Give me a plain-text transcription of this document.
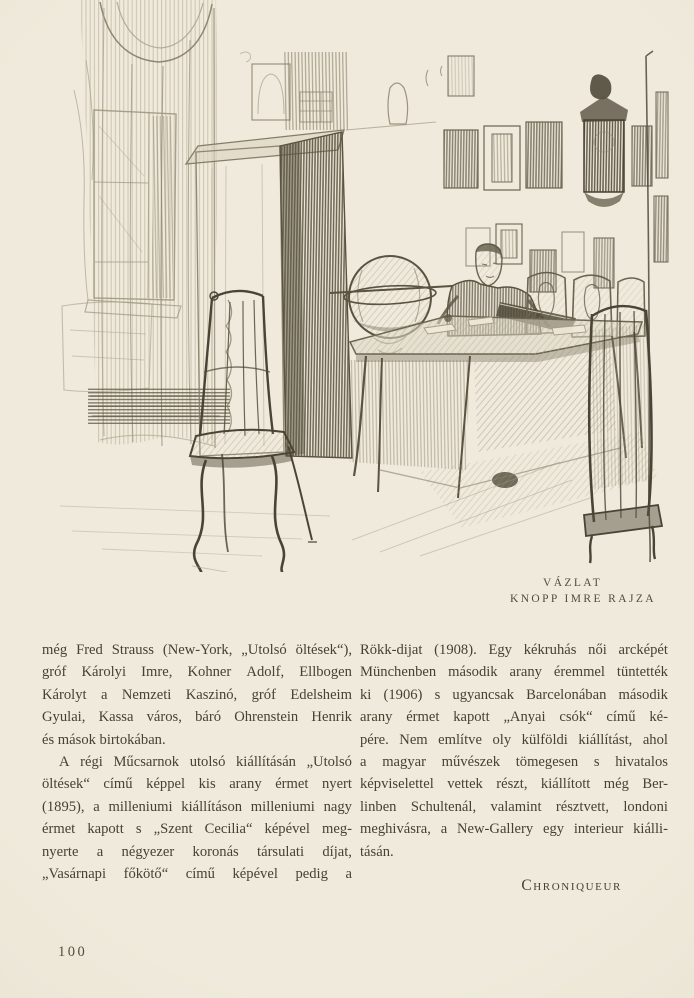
VÁZLAT
KNOPP IMRE RAJZA
még Fred Strauss (New-York, „Utolsó öltések“),
gróf Károlyi Imre, Kohner Adolf, Ellbogen
Károlyt a Nemzeti Kaszinó, gróf Edelsheim
Gyulai, Kassa város, báró Ohrenstein Henrik
és mások birtokában.
A régi Műcsarnok utolsó kiállításán „Utolsó
öltések“ című képpel kis arany érmet nyert
(1895), a milleniumi kiállításon milleniumi nagy
érmet kapott s „Szent Cecilia“ képével meg-
nyerte a négyezer koronás társulati díjat,
„Vasárnapi főkötő“ című képével pedig a
Rökk-dijat (1908). Egy kékruhás női arcképét
Münchenben második arany éremmel tüntették
ki (1906) s ugyancsak Barcelonában második
arany érmet kapott „Anyai csók“ című ké-
pére. Nem említve oly külföldi kiállítást, ahol
a magyar művészek tömegesen s hivatalos
képviselettel vettek részt, kiállított még Ber-
linben Schultenál, valamint résztvett, londoni
meghivásra, a New-Gallery egy interieur kiálli-
tásán.
Chroniqueur
100
